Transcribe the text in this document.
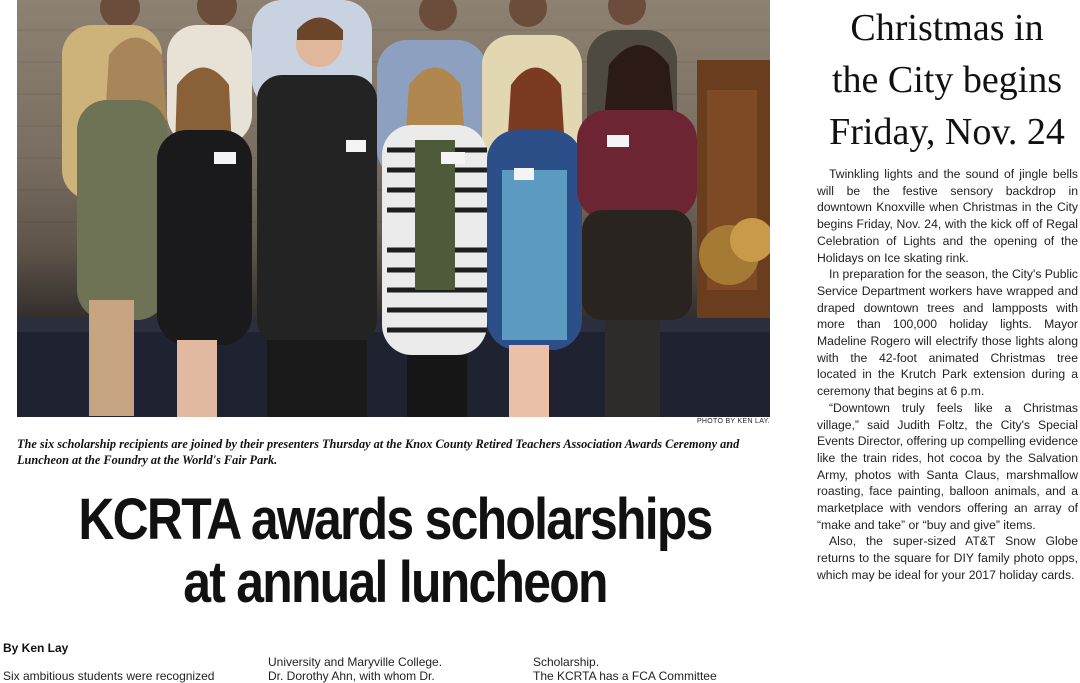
PHOTO BY KEN LAY.
The six scholarship recipients are joined by their presenters Thursday at the Knox County Retired Teachers Association Awards Ceremony and Luncheon at the Foundry at the World's Fair Park.
KCRTA awards scholarships
at annual luncheon
By Ken Lay
University and Maryville College.	Scholarship.
Six ambitious students were recognized	Dr. Dorothy Ahn, with whom Dr.	The KCRTA has a FCA Committee
Christmas in
the City begins
Friday, Nov. 24

Twinkling lights and the sound of jingle bells will be the festive sensory backdrop in downtown Knoxville when Christmas in the City begins Friday, Nov. 24, with the kick off of Regal Celebration of Lights and the opening of the Holidays on Ice skating rink.

In preparation for the season, the City's Public Service Department workers have wrapped and draped downtown trees and lampposts with more than 100,000 holiday lights. Mayor Madeline Rogero will electrify those lights along with the 42-foot animated Christmas tree located in the Krutch Park extension during a ceremony that begins at 6 p.m.

“Downtown truly feels like a Christmas village,” said Judith Foltz, the City's Special Events Director, offering up compelling evidence like the train rides, hot cocoa by the Salvation Army, photos with Santa Claus, marshmallow roasting, face painting, balloon animals, and a marketplace with vendors offering an array of “make and take” or “buy and give” items.

Also, the super-sized AT&T Snow Globe returns to the square for DIY family photo opps, which may be ideal for your 2017 holiday cards.
